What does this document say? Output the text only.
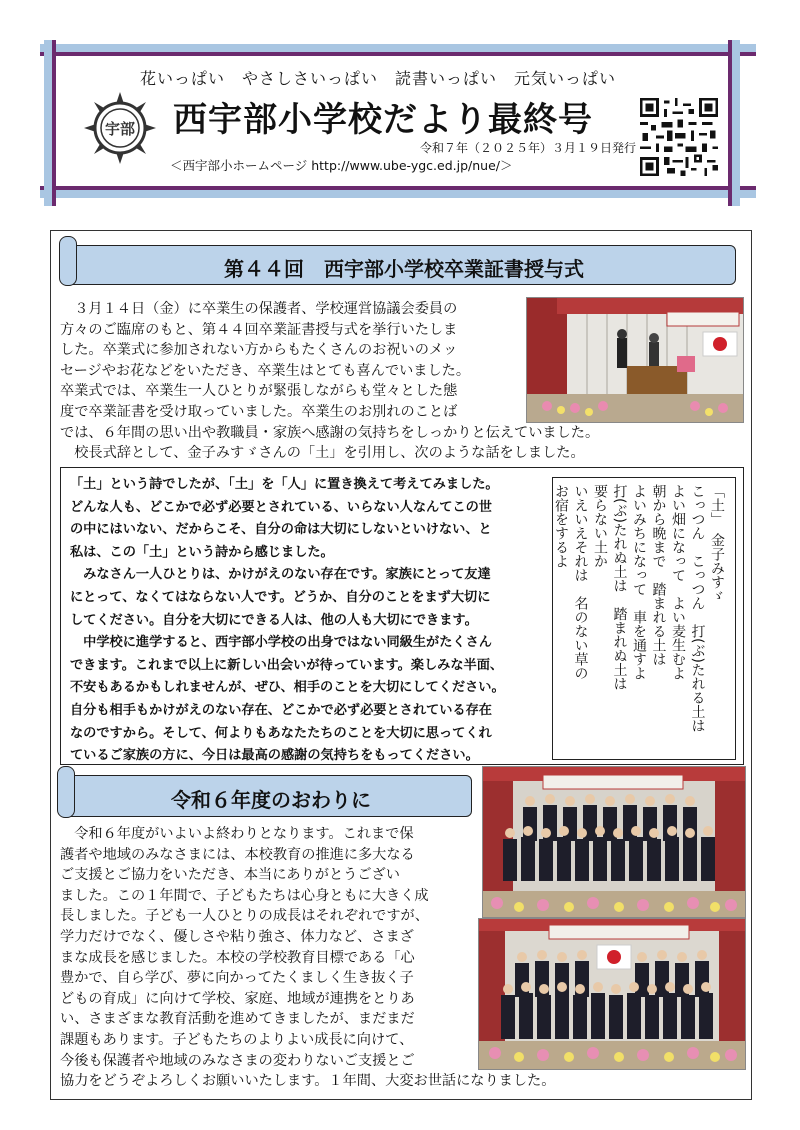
花いっぱい　やさしさいっぱい　読書いっぱい　元気いっぱい
宇部 西宇部小学校だより最終号
令和７年（２０２５年）３月１９日発行
＜西宇部小ホームページ http://www.ube-ygc.ed.jp/nue/＞
第４４回　西宇部小学校卒業証書授与式

　３月１４日（金）に卒業生の保護者、学校運営協議会委員の

方々のご臨席のもと、第４４回卒業証書授与式を挙行いたしま

した。卒業式に参加されない方からもたくさんのお祝いのメッ

セージやお花などをいただき、卒業生はとても喜んでいました。

卒業式では、卒業生一人ひとりが緊張しながらも堂々とした態

度で卒業証書を受け取っていました。卒業生のお別れのことば

では、６年間の思い出や教職員・家族へ感謝の気持ちをしっかりと伝えていました。

　校長式辞として、金子みすゞさんの「土」を引用し、次のような話をしました。

「土」という詩でしたが、「土」を「人」に置き換えて考えてみました。

どんな人も、どこかで必ず必要とされている、いらない人なんてこの世

の中にはいない、だからこそ、自分の命は大切にしないといけない、と

私は、この「土」という詩から感じました。

　みなさん一人ひとりは、かけがえのない存在です。家族にとって友達

にとって、なくてはならない人です。どうか、自分のことをまず大切に

してください。自分を大切にできる人は、他の人も大切にできます。

　中学校に進学すると、西宇部小学校の出身ではない同級生がたくさん

できます。これまで以上に新しい出会いが待っています。楽しみな半面、

不安もあるかもしれませんが、ぜひ、相手のことを大切にしてください。

自分も相手もかけがえのない存在、どこかで必ず必要とされている存在

なのですから。そして、何よりもあなたたちのことを大切に思ってくれ

ているご家族の方に、今日は最高の感謝の気持ちをもってください。

「土」　金子みすゞ

こっつん　こっつん　打(ぶ)たれる土は

よい畑になって　よい麦生むよ

朝から晩まで　踏まれる土は

よいみちになって　車を通すよ

打(ぶ)たれぬ土は　踏まれぬ土は

要らない土か

いえいえそれは　名のない草の

お宿をするよ

令和６年度のおわりに

　令和６年度がいよいよ終わりとなります。これまで保

護者や地域のみなさまには、本校教育の推進に多大なる

ご支援とご協力をいただき、本当にありがとうござい

ました。この１年間で、子どもたちは心身ともに大きく成

長しました。子ども一人ひとりの成長はそれぞれですが、

学力だけでなく、優しさや粘り強さ、体力など、さまざ

まな成長を感じました。本校の学校教育目標である「心

豊かで、自ら学び、夢に向かってたくましく生き抜く子

どもの育成」に向けて学校、家庭、地域が連携をとりあ

い、さまざまな教育活動を進めてきましたが、まだまだ

課題もあります。子どもたちのよりよい成長に向けて、

今後も保護者や地域のみなさまの変わりないご支援とご

協力をどうぞよろしくお願いいたします。１年間、大変お世話になりました。
